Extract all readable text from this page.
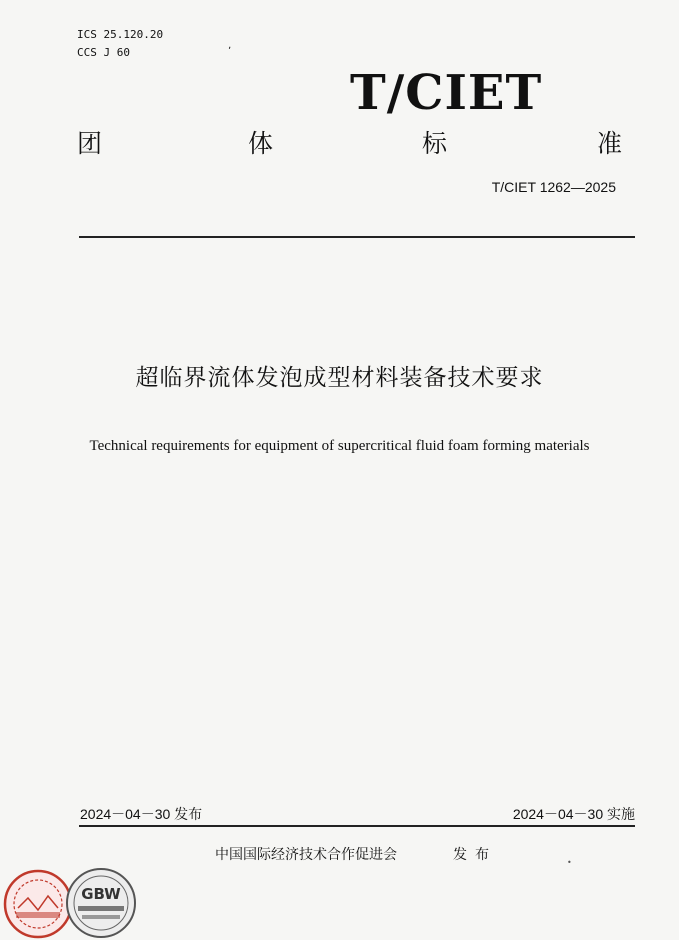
ICS 25.120.20
CCS J 60	ʼ
T/CIET
团	体	标	准
T/CIET 1262—2025
超临界流体发泡成型材料装备技术要求
Technical requirements for equipment of supercritical fluid foam forming materials
2024－04－30 发布	2024－04－30 实施
中国国际经济技术合作促进会	发布	•
GBW
